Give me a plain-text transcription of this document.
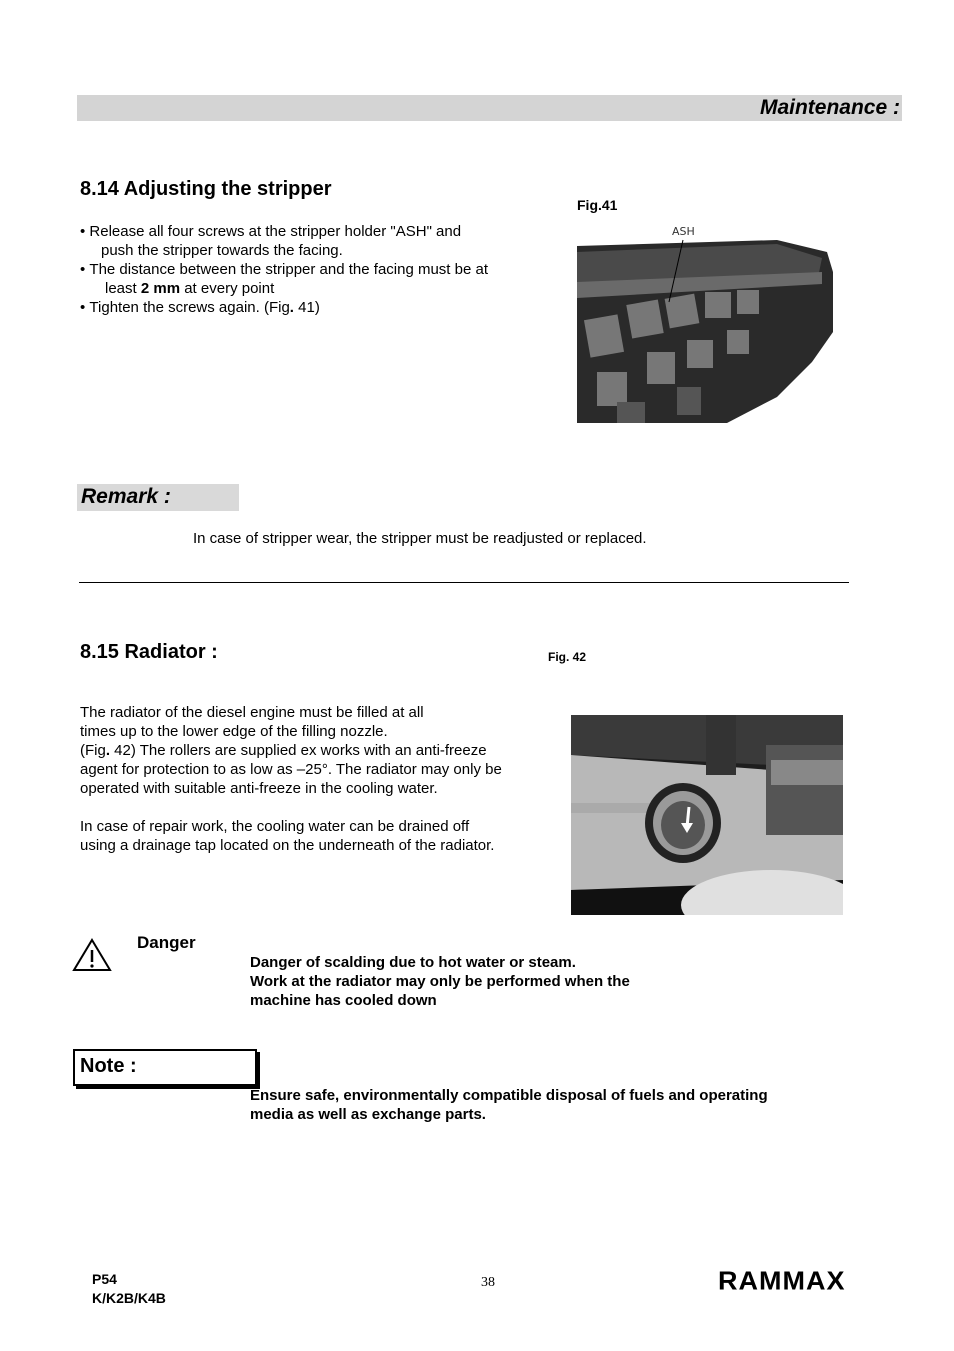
Maintenance :
8.14 Adjusting the stripper

• Release all four screws at the stripper holder "ASH" and
push the stripper towards the facing.

• The distance between the stripper and the facing must be at
least 2 mm at every point

• Tighten the screws again. (Fig. 41)

Fig.41
ASH
Remark :
In case of stripper wear, the stripper must be readjusted or replaced.
8.15 Radiator :	Fig. 42

The radiator of the diesel engine must be filled at all

times up to the lower edge of the filling nozzle.

(Fig. 42) The rollers are supplied ex works with an anti-freeze

agent for protection to as low as –25°. The radiator may only be

operated with suitable anti-freeze in the cooling water.

In case of repair work, the cooling water can be drained off

using a drainage tap located on the underneath of the radiator.

Danger
Danger of scalding due to hot water or steam.
Work at the radiator may only be performed when the
machine has cooled down
Note :
Ensure safe, environmentally compatible disposal of fuels and operating
media as well as exchange parts.
P54
K/K2B/K4B
38	RAMMAX
